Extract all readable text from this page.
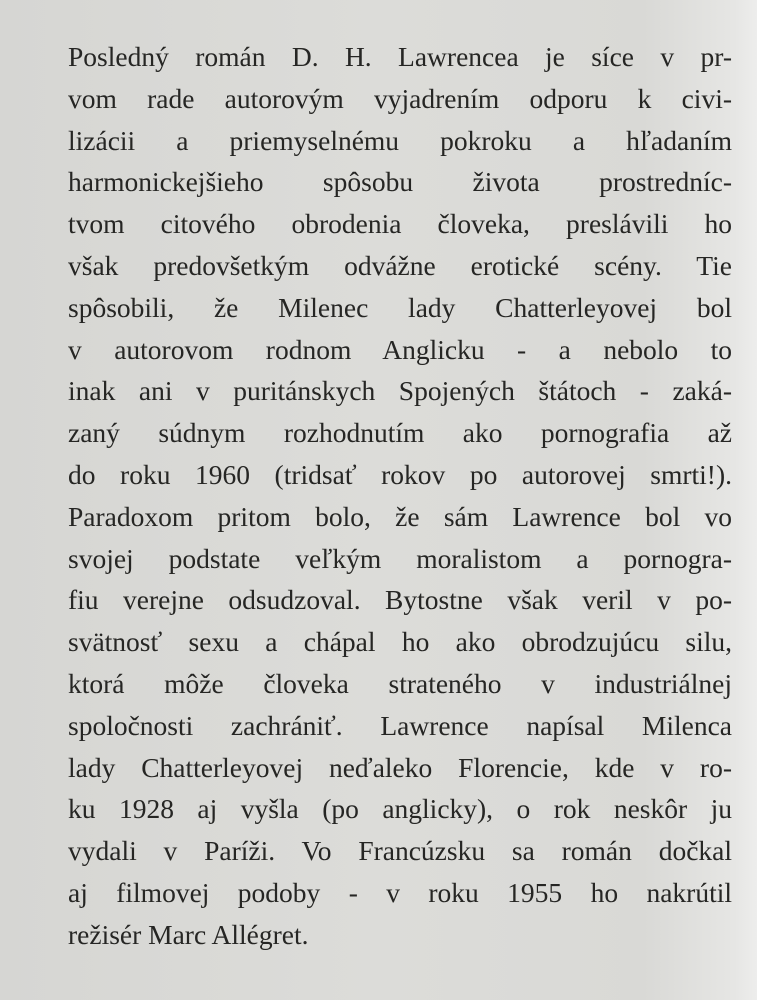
Posledný román D. H. Lawrencea je síce v pr-
vom rade autorovým vyjadrením odporu k civi-
lizácii a priemyselnému pokroku a hľadaním
harmonickejšieho spôsobu života prostredníc-
tvom citového obrodenia človeka, preslávili ho
však predovšetkým odvážne erotické scény. Tie
spôsobili, že Milenec lady Chatterleyovej bol
v autorovom rodnom Anglicku - a nebolo to
inak ani v puritánskych Spojených štátoch - zaká-
zaný súdnym rozhodnutím ako pornografia až
do roku 1960 (tridsať rokov po autorovej smrti!).
Paradoxom pritom bolo, že sám Lawrence bol vo
svojej podstate veľkým moralistom a pornogra-
fiu verejne odsudzoval. Bytostne však veril v po-
svätnosť sexu a chápal ho ako obrodzujúcu silu,
ktorá môže človeka strateného v industriálnej
spoločnosti zachrániť. Lawrence napísal Milenca
lady Chatterleyovej neďaleko Florencie, kde v ro-
ku 1928 aj vyšla (po anglicky), o rok neskôr ju
vydali v Paríži. Vo Francúzsku sa román dočkal
aj filmovej podoby - v roku 1955 ho nakrútil
režisér Marc Allégret.
